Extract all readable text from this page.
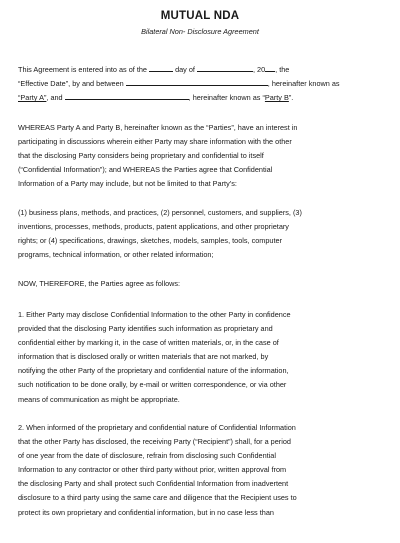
MUTUAL NDA
Bilateral Non- Disclosure Agreement
This Agreement is entered into as of the	day of	, 20 , the
“Effective Date”, by and between	, hereinafter known as
“Party A”, and	, hereinafter known as “Party B”.
WHEREAS Party A and Party B, hereinafter known as the “Parties”, have an interest in
participating in discussions wherein either Party may share information with the other
that the disclosing Party considers being proprietary and confidential to itself
(“Confidential Information”); and WHEREAS the Parties agree that Confidential
Information of a Party may include, but not be limited to that Party’s:
(1) business plans, methods, and practices, (2) personnel, customers, and suppliers, (3)
inventions, processes, methods, products, patent applications, and other proprietary
rights; or (4) specifications, drawings, sketches, models, samples, tools, computer
programs, technical information, or other related information;
NOW, THEREFORE, the Parties agree as follows:
1. Either Party may disclose Confidential Information to the other Party in confidence
provided that the disclosing Party identifies such information as proprietary and
confidential either by marking it, in the case of written materials, or, in the case of
information that is disclosed orally or written materials that are not marked, by
notifying the other Party of the proprietary and confidential nature of the information,
such notification to be done orally, by e-mail or written correspondence, or via other
means of communication as might be appropriate.
2. When informed of the proprietary and confidential nature of Confidential Information
that the other Party has disclosed, the receiving Party (“Recipient”) shall, for a period
of one year from the date of disclosure, refrain from disclosing such Confidential
Information to any contractor or other third party without prior, written approval from
the disclosing Party and shall protect such Confidential Information from inadvertent
disclosure to a third party using the same care and diligence that the Recipient uses to
protect its own proprietary and confidential information, but in no case less than
